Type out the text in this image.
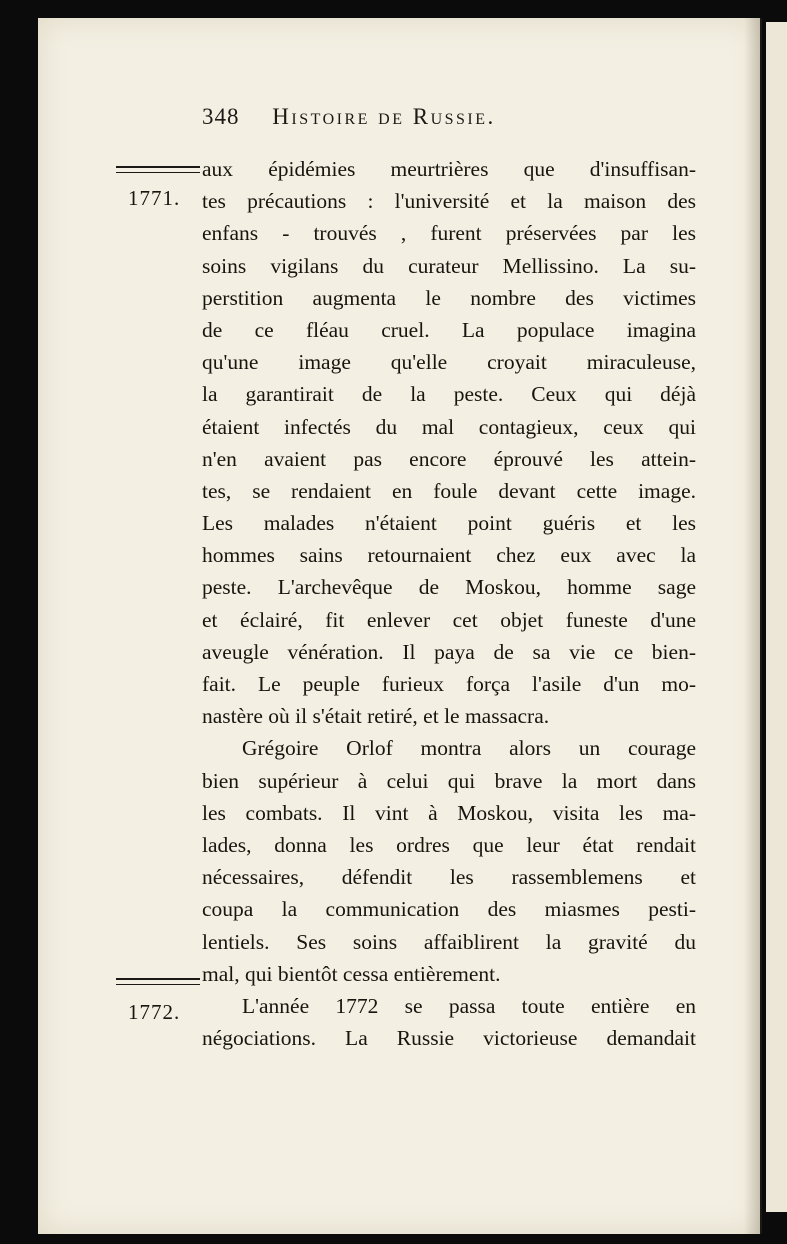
348 Histoire de Russie.
1771.
1772.
aux épidémies meurtrières que d'insuffisan-
tes précautions : l'université et la maison des
enfans - trouvés , furent préservées par les
soins vigilans du curateur Mellissino. La su-
perstition augmenta le nombre des victimes
de ce fléau cruel. La populace imagina
qu'une image qu'elle croyait miraculeuse,
la garantirait de la peste. Ceux qui déjà
étaient infectés du mal contagieux, ceux qui
n'en avaient pas encore éprouvé les attein-
tes, se rendaient en foule devant cette image.
Les malades n'étaient point guéris et les
hommes sains retournaient chez eux avec la
peste. L'archevêque de Moskou, homme sage
et éclairé, fit enlever cet objet funeste d'une
aveugle vénération. Il paya de sa vie ce bien-
fait. Le peuple furieux força l'asile d'un mo-
nastère où il s'était retiré, et le massacra.
Grégoire Orlof montra alors un courage
bien supérieur à celui qui brave la mort dans
les combats. Il vint à Moskou, visita les ma-
lades, donna les ordres que leur état rendait
nécessaires, défendit les rassemblemens et
coupa la communication des miasmes pesti-
lentiels. Ses soins affaiblirent la gravité du
mal, qui bientôt cessa entièrement.
L'année 1772 se passa toute entière en
négociations. La Russie victorieuse demandait
